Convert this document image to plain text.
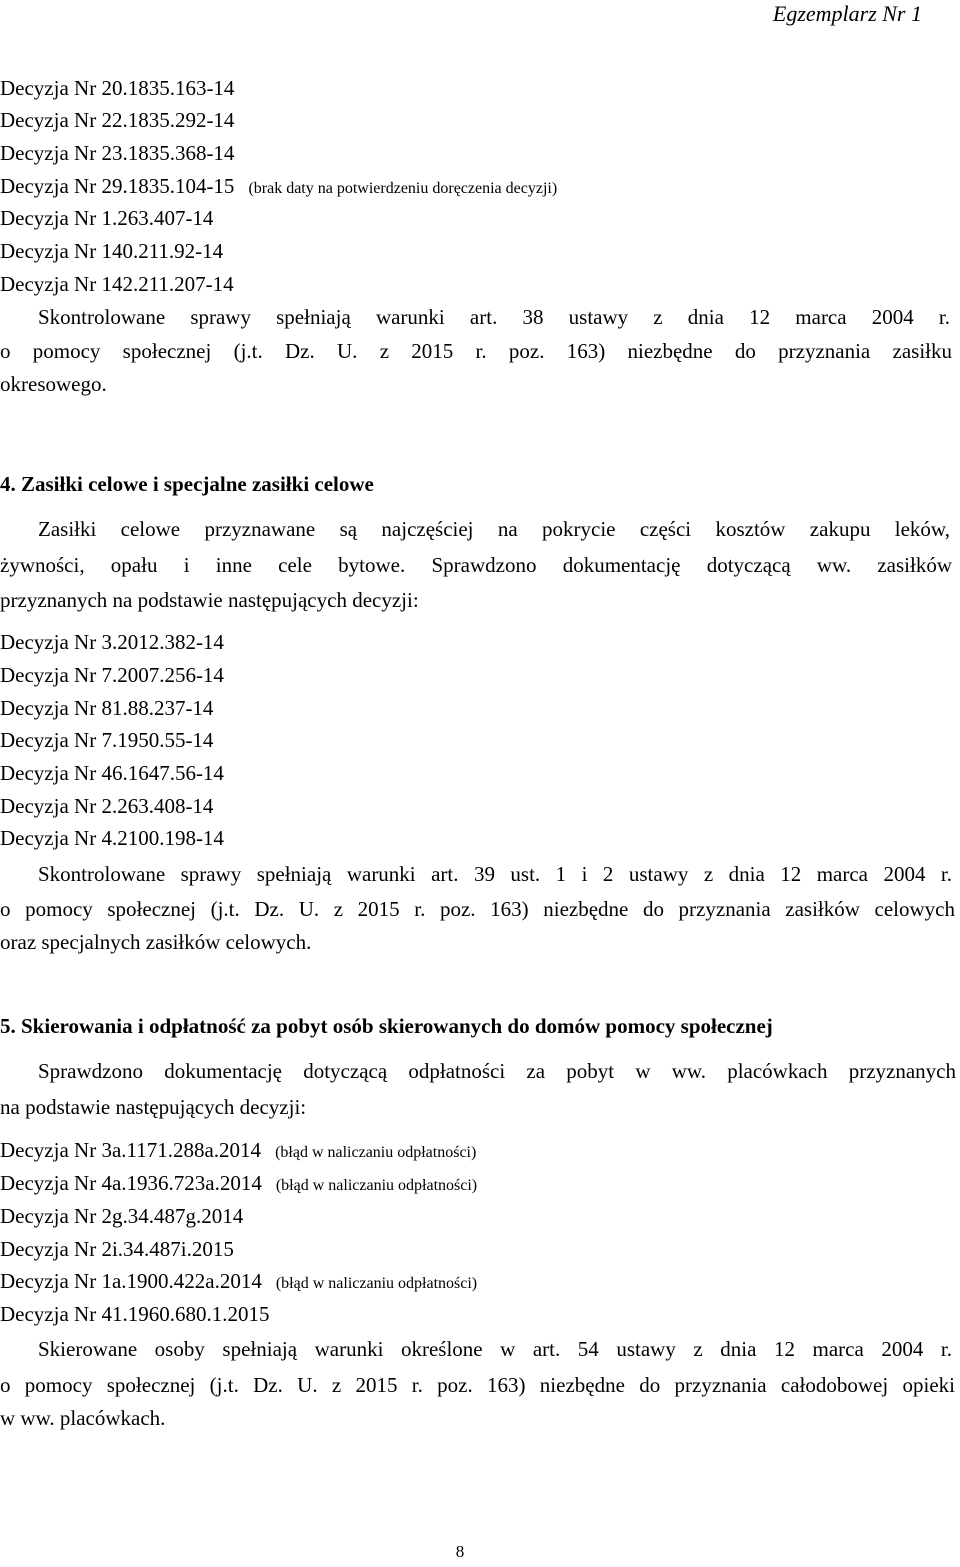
Egzemplarz Nr 1
Decyzja Nr 20.1835.163-14
Decyzja Nr 22.1835.292-14
Decyzja Nr 23.1835.368-14
Decyzja Nr 29.1835.104-15 (brak daty na potwierdzeniu doręczenia decyzji)
Decyzja Nr 1.263.407-14
Decyzja Nr 140.211.92-14
Decyzja Nr 142.211.207-14
Skontrolowane sprawy spełniają warunki art. 38 ustawy z dnia 12 marca 2004 r.
o pomocy społecznej (j.t. Dz. U. z 2015 r. poz. 163) niezbędne do przyznania zasiłku
okresowego.
4. Zasiłki celowe i specjalne zasiłki celowe
Zasiłki celowe przyznawane są najczęściej na pokrycie części kosztów zakupu leków,
żywności, opału i inne cele bytowe. Sprawdzono dokumentację dotyczącą ww. zasiłków
przyznanych na podstawie następujących decyzji:
Decyzja Nr 3.2012.382-14
Decyzja Nr 7.2007.256-14
Decyzja Nr 81.88.237-14
Decyzja Nr 7.1950.55-14
Decyzja Nr 46.1647.56-14
Decyzja Nr 2.263.408-14
Decyzja Nr 4.2100.198-14
Skontrolowane sprawy spełniają warunki art. 39 ust. 1 i 2 ustawy z dnia 12 marca 2004 r.
o pomocy społecznej (j.t. Dz. U. z 2015 r. poz. 163) niezbędne do przyznania zasiłków celowych
oraz specjalnych zasiłków celowych.
5. Skierowania i odpłatność za pobyt osób skierowanych do domów pomocy społecznej
Sprawdzono dokumentację dotyczącą odpłatności za pobyt w ww. placówkach przyznanych
na podstawie następujących decyzji:
Decyzja Nr 3a.1171.288a.2014 (błąd w naliczaniu odpłatności)
Decyzja Nr 4a.1936.723a.2014 (błąd w naliczaniu odpłatności)
Decyzja Nr 2g.34.487g.2014
Decyzja Nr 2i.34.487i.2015
Decyzja Nr 1a.1900.422a.2014 (błąd w naliczaniu odpłatności)
Decyzja Nr 41.1960.680.1.2015
Skierowane osoby spełniają warunki określone w art. 54 ustawy z dnia 12 marca 2004 r.
o pomocy społecznej (j.t. Dz. U. z 2015 r. poz. 163) niezbędne do przyznania całodobowej opieki
w ww. placówkach.
8
